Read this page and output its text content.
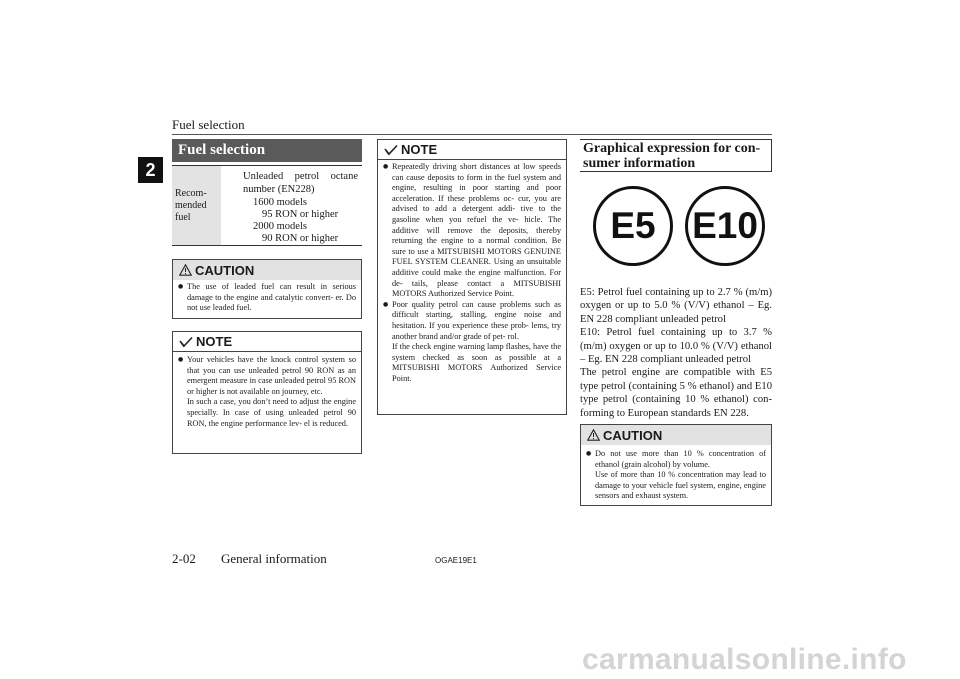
Fuel selection
2
Fuel selection
Recom- mended fuel
Unleaded petrol octane
number (EN228)
1600 models
95 RON or higher
2000 models
90 RON or higher
CAUTION
● The use of leaded fuel can result in serious damage to the engine and catalytic convert- er. Do not use leaded fuel.
NOTE
● Your vehicles have the knock control system so that you can use unleaded petrol 90 RON as an emergent measure in case unleaded petrol 95 RON or higher is not available on journey, etc.
In such a case, you don’t need to adjust the engine specially. In case of using unleaded petrol 90 RON, the engine performance lev- el is reduced.
NOTE
● Repeatedly driving short distances at low speeds can cause deposits to form in the fuel system and engine, resulting in poor starting and poor acceleration. If these problems oc- cur, you are advised to add a detergent addi- tive to the gasoline when you refuel the ve- hicle. The additive will remove the deposits, thereby returning the engine to a normal condition. Be sure to use a MITSUBISHI MOTORS GENUINE FUEL SYSTEM CLEANER. Using an unsuitable additive could make the engine malfunction. For de- tails, please contact a MITSUBISHI MOTORS Authorized Service Point.
● Poor quality petrol can cause problems such as difficult starting, stalling, engine noise and hesitation. If you experience these prob- lems, try another brand and/or grade of pet- rol.
If the check engine warning lamp flashes, have the system checked as soon as possible at a MITSUBISHI MOTORS Authorized Service Point.
Graphical expression for con- sumer information
E5 E10
E5: Petrol fuel containing up to 2.7 % (m/m) oxygen or up to 5.0 % (V/V) ethanol – Eg. EN 228 compliant unleaded petrol
E10: Petrol fuel containing up to 3.7 % (m/m) oxygen or up to 10.0 % (V/V) ethanol – Eg. EN 228 compliant unleaded petrol
The petrol engine are compatible with E5 type petrol (containing 5 % ethanol) and E10 type petrol (containing 10 % ethanol) con- forming to European standards EN 228.
CAUTION
● Do not use more than 10 % concentration of ethanol (grain alcohol) by volume.
Use of more than 10 % concentration may lead to damage to your vehicle fuel system, engine, engine sensors and exhaust system.
2-02 General information	OGAE19E1
carmanualsonline.info
